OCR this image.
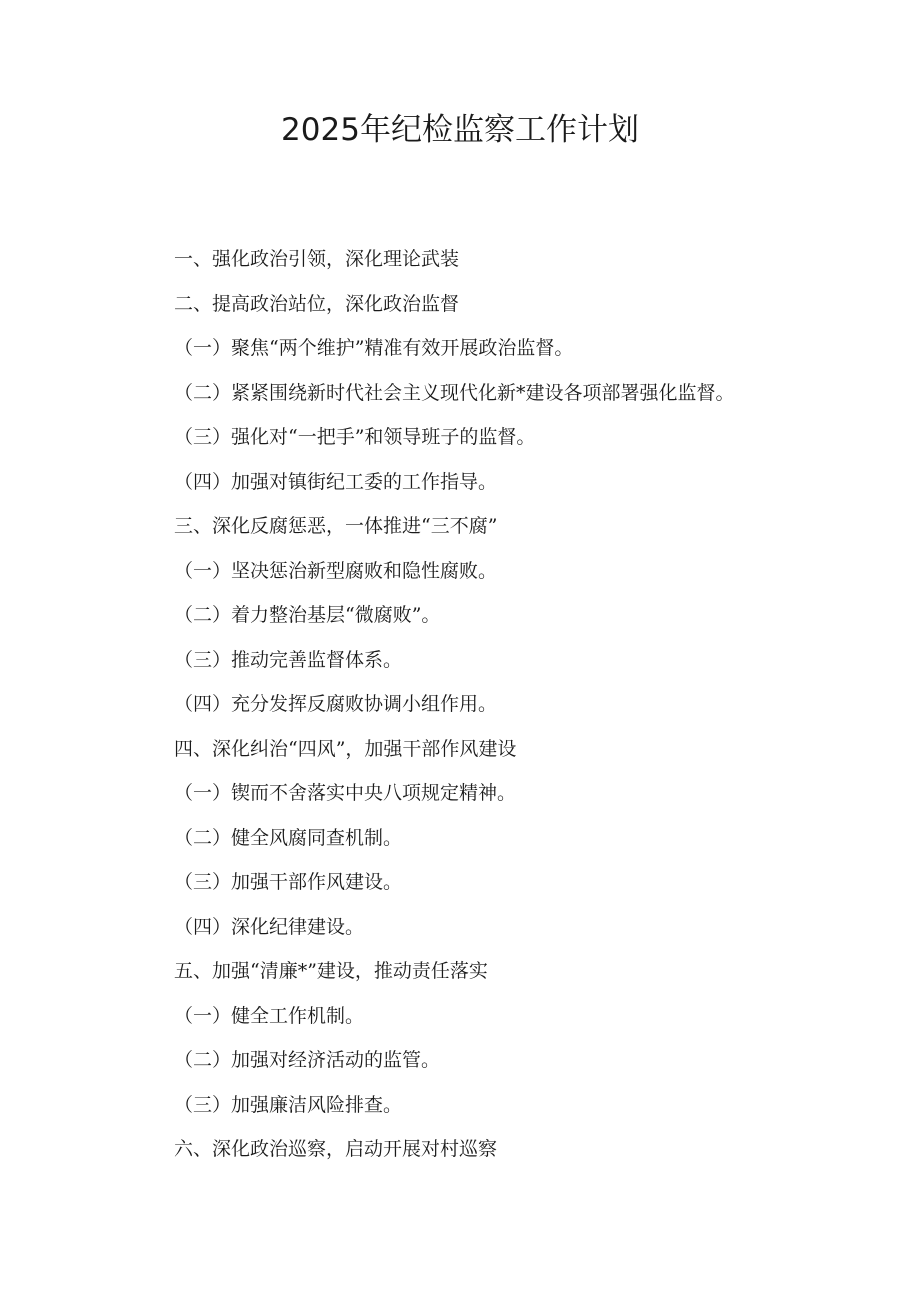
2025年纪检监察工作计划
一、强化政治引领，深化理论武装
二、提高政治站位，深化政治监督
（一）聚焦“两个维护”精准有效开展政治监督。
（二）紧紧围绕新时代社会主义现代化新*建设各项部署强化监督。
（三）强化对“一把手”和领导班子的监督。
（四）加强对镇街纪工委的工作指导。
三、深化反腐惩恶，一体推进“三不腐”
（一）坚决惩治新型腐败和隐性腐败。
（二）着力整治基层“微腐败”。
（三）推动完善监督体系。
（四）充分发挥反腐败协调小组作用。
四、深化纠治“四风”，加强干部作风建设
（一）锲而不舍落实中央八项规定精神。
（二）健全风腐同查机制。
（三）加强干部作风建设。
（四）深化纪律建设。
五、加强“清廉*”建设，推动责任落实
（一）健全工作机制。
（二）加强对经济活动的监管。
（三）加强廉洁风险排查。
六、深化政治巡察，启动开展对村巡察
